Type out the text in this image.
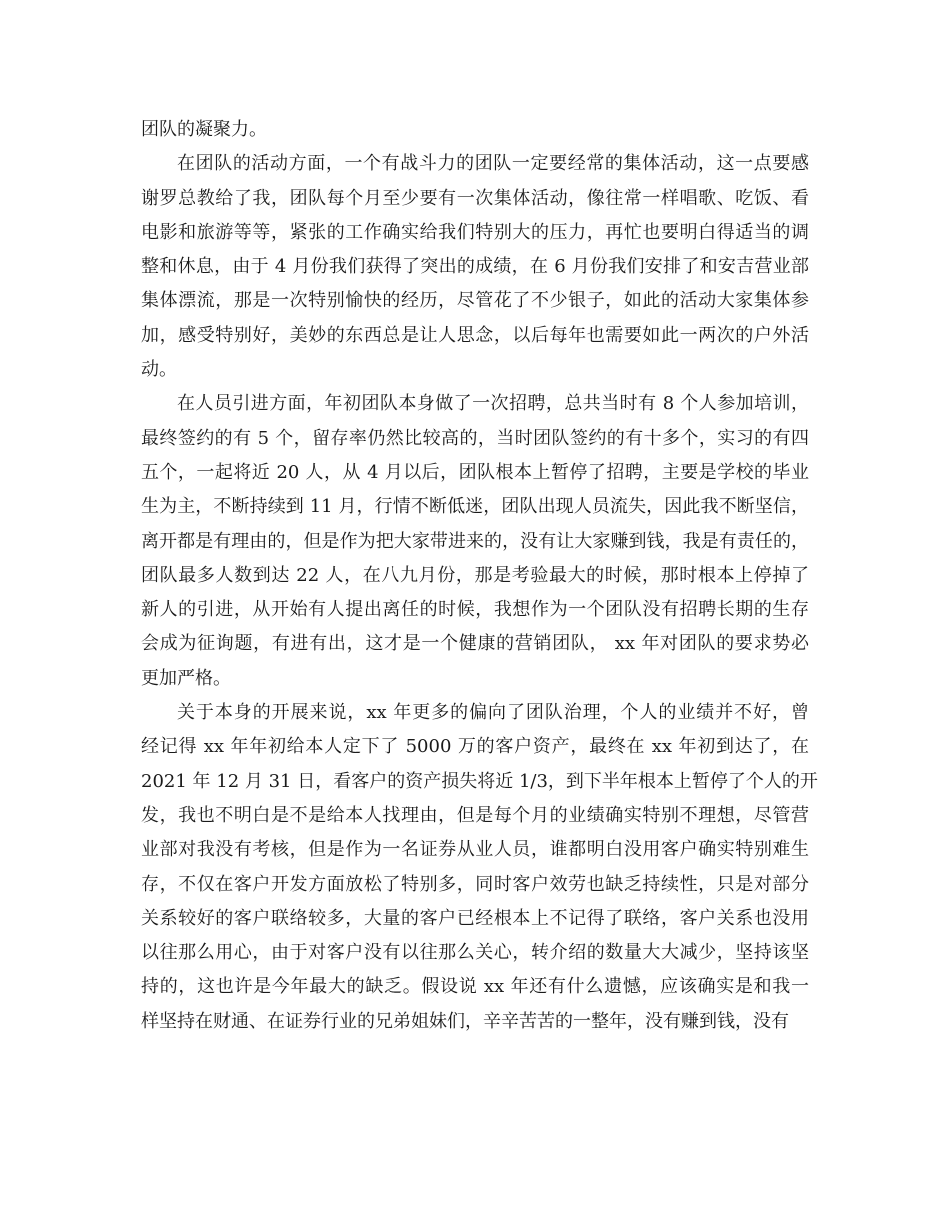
团队的凝聚力。
在团队的活动方面，一个有战斗力的团队一定要经常的集体活动，这一点要感
谢罗总教给了我，团队每个月至少要有一次集体活动，像往常一样唱歌、吃饭、看
电影和旅游等等，紧张的工作确实给我们特别大的压力，再忙也要明白得适当的调
整和休息，由于 4 月份我们获得了突出的成绩，在 6 月份我们安排了和安吉营业部
集体漂流，那是一次特别愉快的经历，尽管花了不少银子，如此的活动大家集体参
加，感受特别好，美妙的东西总是让人思念，以后每年也需要如此一两次的户外活
动。
在人员引进方面，年初团队本身做了一次招聘，总共当时有 8 个人参加培训，
最终签约的有 5 个，留存率仍然比较高的，当时团队签约的有十多个，实习的有四
五个，一起将近 20 人，从 4 月以后，团队根本上暂停了招聘，主要是学校的毕业
生为主，不断持续到 11 月，行情不断低迷，团队出现人员流失，因此我不断坚信，
离开都是有理由的，但是作为把大家带进来的，没有让大家赚到钱，我是有责任的，
团队最多人数到达 22 人，在八九月份，那是考验最大的时候，那时根本上停掉了
新人的引进，从开始有人提出离任的时候，我想作为一个团队没有招聘长期的生存
会成为征询题，有进有出，这才是一个健康的营销团队， xx 年对团队的要求势必
更加严格。
关于本身的开展来说，xx 年更多的偏向了团队治理，个人的业绩并不好，曾
经记得 xx 年年初给本人定下了 5000 万的客户资产，最终在 xx 年初到达了，在
2021 年 12 月 31 日，看客户的资产损失将近 1/3，到下半年根本上暂停了个人的开
发，我也不明白是不是给本人找理由，但是每个月的业绩确实特别不理想，尽管营
业部对我没有考核，但是作为一名证券从业人员，谁都明白没用客户确实特别难生
存，不仅在客户开发方面放松了特别多，同时客户效劳也缺乏持续性，只是对部分
关系较好的客户联络较多，大量的客户已经根本上不记得了联络，客户关系也没用
以往那么用心，由于对客户没有以往那么关心，转介绍的数量大大减少，坚持该坚
持的，这也许是今年最大的缺乏。假设说 xx 年还有什么遗憾，应该确实是和我一
样坚持在财通、在证券行业的兄弟姐妹们，辛辛苦苦的一整年，没有赚到钱，没有
